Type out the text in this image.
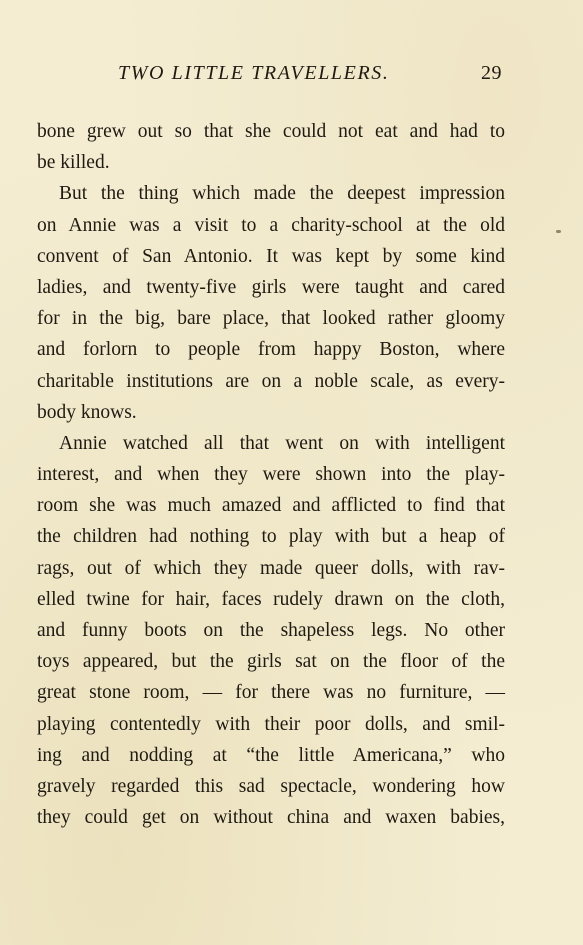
TWO LITTLE TRAVELLERS.	29
bone grew out so that she could not eat and had to
be killed.
But the thing which made the deepest impression
on Annie was a visit to a charity-school at the old
convent of San Antonio. It was kept by some kind
ladies, and twenty-five girls were taught and cared
for in the big, bare place, that looked rather gloomy
and forlorn to people from happy Boston, where
charitable institutions are on a noble scale, as every-
body knows.
Annie watched all that went on with intelligent
interest, and when they were shown into the play-
room she was much amazed and afflicted to find that
the children had nothing to play with but a heap of
rags, out of which they made queer dolls, with rav-
elled twine for hair, faces rudely drawn on the cloth,
and funny boots on the shapeless legs. No other
toys appeared, but the girls sat on the floor of the
great stone room, — for there was no furniture, —
playing contentedly with their poor dolls, and smil-
ing and nodding at “the little Americana,” who
gravely regarded this sad spectacle, wondering how
they could get on without china and waxen babies,
